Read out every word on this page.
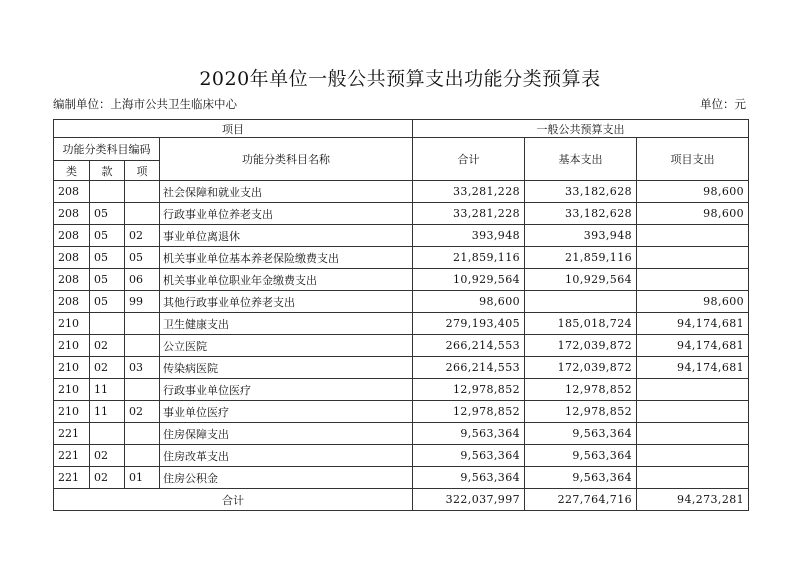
2020年单位一般公共预算支出功能分类预算表
编制单位：上海市公共卫生临床中心	单位：元
项目				一般公共预算支出		
功能分类科目编码			功能分类科目名称	合计	基本支出	项目支出
类	款	项				
208			社会保障和就业支出	33,281,228	33,182,628	98,600
208	05		行政事业单位养老支出	33,281,228	33,182,628	98,600
208	05	02	事业单位离退休	393,948	393,948	
208	05	05	机关事业单位基本养老保险缴费支出	21,859,116	21,859,116	
208	05	06	机关事业单位职业年金缴费支出	10,929,564	10,929,564	
208	05	99	其他行政事业单位养老支出	98,600		98,600
210			卫生健康支出	279,193,405	185,018,724	94,174,681
210	02		公立医院	266,214,553	172,039,872	94,174,681
210	02	03	传染病医院	266,214,553	172,039,872	94,174,681
210	11		行政事业单位医疗	12,978,852	12,978,852	
210	11	02	事业单位医疗	12,978,852	12,978,852	
221			住房保障支出	9,563,364	9,563,364	
221	02		住房改革支出	9,563,364	9,563,364	
221	02	01	住房公积金	9,563,364	9,563,364	
合计				322,037,997	227,764,716	94,273,281
